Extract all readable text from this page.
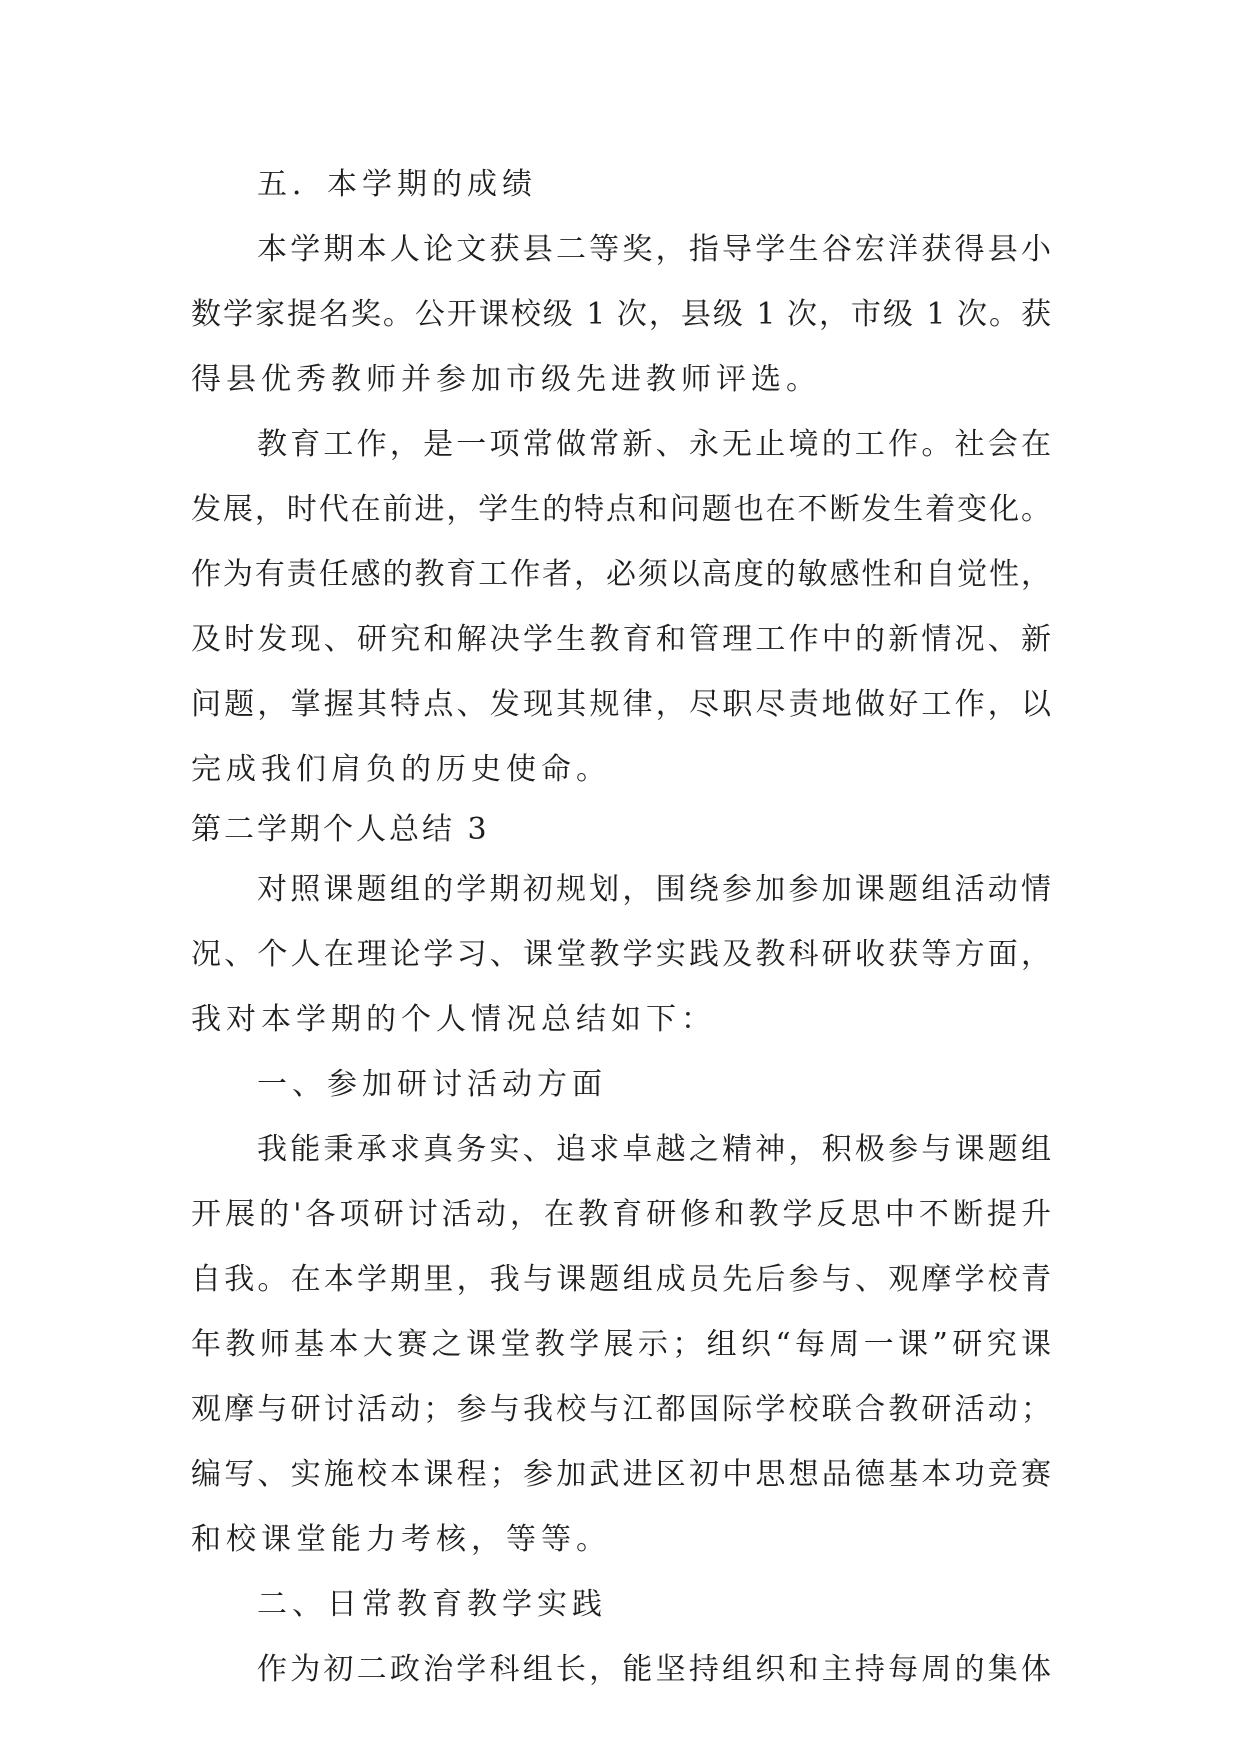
五．本学期的成绩
本学期本人论文获县二等奖，指导学生谷宏洋获得县小
数学家提名奖。公开课校级 1 次，县级 1 次，市级 1 次。获
得县优秀教师并参加市级先进教师评选。
教育工作，是一项常做常新、永无止境的工作。社会在
发展，时代在前进，学生的特点和问题也在不断发生着变化。
作为有责任感的教育工作者，必须以高度的敏感性和自觉性，
及时发现、研究和解决学生教育和管理工作中的新情况、新
问题，掌握其特点、发现其规律，尽职尽责地做好工作，以
完成我们肩负的历史使命。
第二学期个人总结 3
对照课题组的学期初规划，围绕参加参加课题组活动情
况、个人在理论学习、课堂教学实践及教科研收获等方面，
我对本学期的个人情况总结如下：
一、参加研讨活动方面
我能秉承求真务实、追求卓越之精神，积极参与课题组
开展的'各项研讨活动，在教育研修和教学反思中不断提升
自我。在本学期里，我与课题组成员先后参与、观摩学校青
年教师基本大赛之课堂教学展示；组织“每周一课”研究课
观摩与研讨活动；参与我校与江都国际学校联合教研活动；
编写、实施校本课程；参加武进区初中思想品德基本功竞赛
和校课堂能力考核，等等。
二、日常教育教学实践
作为初二政治学科组长，能坚持组织和主持每周的集体
